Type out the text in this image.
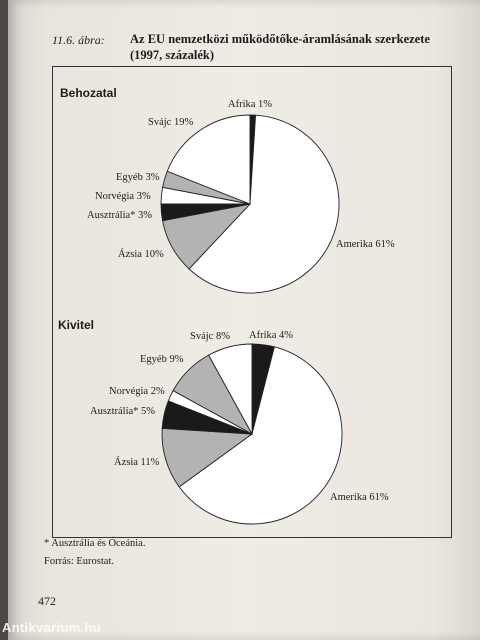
11.6. ábra: Az EU nemzetközi működőtőke-áramlásának szerkezete (1997, százalék)
Behozatal
Kivitel
Afrika 1%
Amerika 61%
Ázsia 10%
Ausztrália* 3%
Norvégia 3%
Egyéb 3%
Svájc 19%
Afrika 4%
Amerika 61%
Ázsia 11%
Ausztrália* 5%
Norvégia 2%
Egyéb 9%
Svájc 8%
* Ausztrália és Óceánia.
Forrás: Eurostat.
472
Antikvarium.hu
